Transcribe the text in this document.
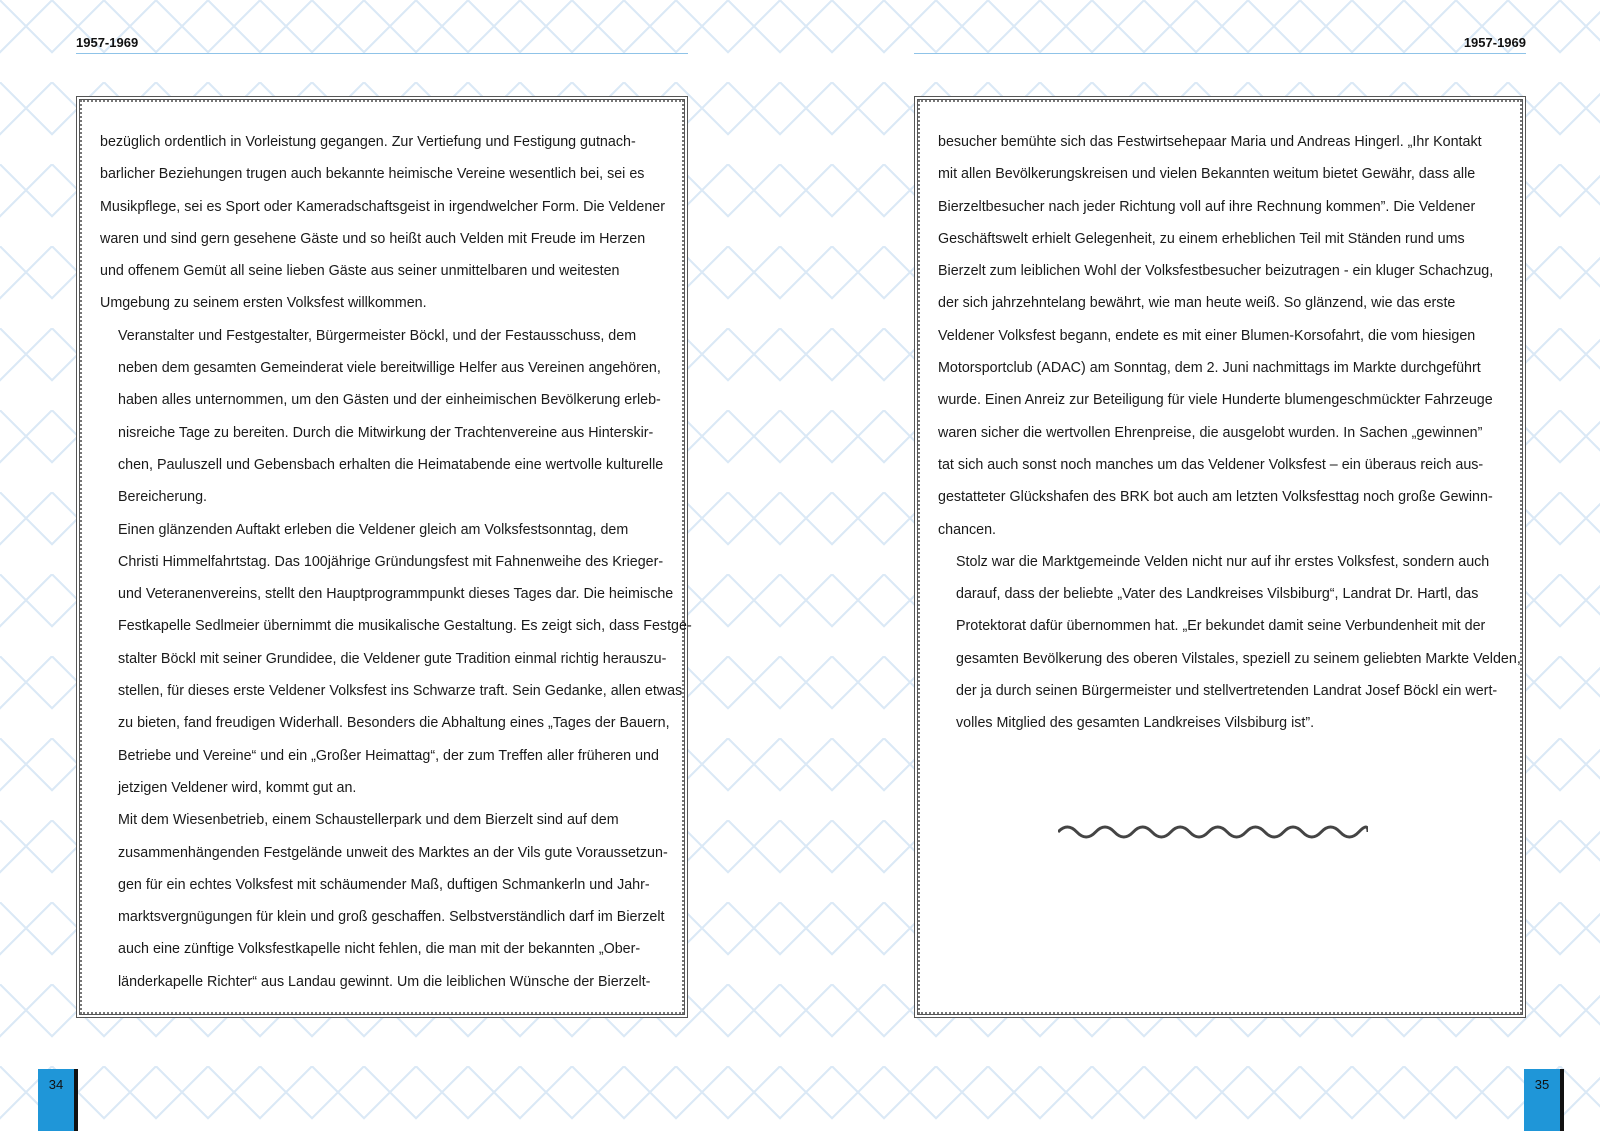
1957-1969	1957-1969

bezüglich ordentlich in Vorleistung gegangen. Zur Vertiefung und Festigung gutnach-
barlicher Beziehungen trugen auch bekannte heimische Vereine wesentlich bei, sei es
Musikpflege, sei es Sport oder Kameradschaftsgeist in irgendwelcher Form. Die Veldener
waren und sind gern gesehene Gäste und so heißt auch Velden mit Freude im Herzen
und offenem Gemüt all seine lieben Gäste aus seiner unmittelbaren und weitesten
Umgebung zu seinem ersten Volksfest willkommen.

Veranstalter und Festgestalter, Bürgermeister Böckl, und der Festausschuss, dem
neben dem gesamten Gemeinderat viele bereitwillige Helfer aus Vereinen angehören,
haben alles unternommen, um den Gästen und der einheimischen Bevölkerung erleb-
nisreiche Tage zu bereiten. Durch die Mitwirkung der Trachtenvereine aus Hinterskir-
chen, Pauluszell und Gebensbach erhalten die Heimatabende eine wertvolle kulturelle
Bereicherung.

Einen glänzenden Auftakt erleben die Veldener gleich am Volksfestsonntag, dem
Christi Himmelfahrtstag. Das 100jährige Gründungsfest mit Fahnenweihe des Krieger-
und Veteranenvereins, stellt den Hauptprogrammpunkt dieses Tages dar. Die heimische
Festkapelle Sedlmeier übernimmt die musikalische Gestaltung. Es zeigt sich, dass Festge-
stalter Böckl mit seiner Grundidee, die Veldener gute Tradition einmal richtig herauszu-
stellen, für dieses erste Veldener Volksfest ins Schwarze traft. Sein Gedanke, allen etwas
zu bieten, fand freudigen Widerhall. Besonders die Abhaltung eines „Tages der Bauern,
Betriebe und Vereine“ und ein „Großer Heimattag“, der zum Treffen aller früheren und
jetzigen Veldener wird, kommt gut an.

Mit dem Wiesenbetrieb, einem Schaustellerpark und dem Bierzelt sind auf dem
zusammenhängenden Festgelände unweit des Marktes an der Vils gute Voraussetzun-
gen für ein echtes Volksfest mit schäumender Maß, duftigen Schmankerln und Jahr-
marktsvergnügungen für klein und groß geschaffen. Selbstverständlich darf im Bierzelt
auch eine zünftige Volksfestkapelle nicht fehlen, die man mit der bekannten „Ober-
länderkapelle Richter“ aus Landau gewinnt. Um die leiblichen Wünsche der Bierzelt-

besucher bemühte sich das Festwirtsehepaar Maria und Andreas Hingerl. „Ihr Kontakt
mit allen Bevölkerungskreisen und vielen Bekannten weitum bietet Gewähr, dass alle
Bierzeltbesucher nach jeder Richtung voll auf ihre Rechnung kommen”. Die Veldener
Geschäftswelt erhielt Gelegenheit, zu einem erheblichen Teil mit Ständen rund ums
Bierzelt zum leiblichen Wohl der Volksfestbesucher beizutragen - ein kluger Schachzug,
der sich jahrzehntelang bewährt, wie man heute weiß. So glänzend, wie das erste
Veldener Volksfest begann, endete es mit einer Blumen-Korsofahrt, die vom hiesigen
Motorsportclub (ADAC) am Sonntag, dem 2. Juni nachmittags im Markte durchgeführt
wurde. Einen Anreiz zur Beteiligung für viele Hunderte blumengeschmückter Fahrzeuge
waren sicher die wertvollen Ehrenpreise, die ausgelobt wurden. In Sachen „gewinnen”
tat sich auch sonst noch manches um das Veldener Volksfest – ein überaus reich aus-
gestatteter Glückshafen des BRK bot auch am letzten Volksfesttag noch große Gewinn-
chancen.

Stolz war die Marktgemeinde Velden nicht nur auf ihr erstes Volksfest, sondern auch
darauf, dass der beliebte „Vater des Landkreises Vilsbiburg“, Landrat Dr. Hartl, das
Protektorat dafür übernommen hat. „Er bekundet damit seine Verbundenheit mit der
gesamten Bevölkerung des oberen Vilstales, speziell zu seinem geliebten Markte Velden,
der ja durch seinen Bürgermeister und stellvertretenden Landrat Josef Böckl ein wert-
volles Mitglied des gesamten Landkreises Vilsbiburg ist”.

34	35
